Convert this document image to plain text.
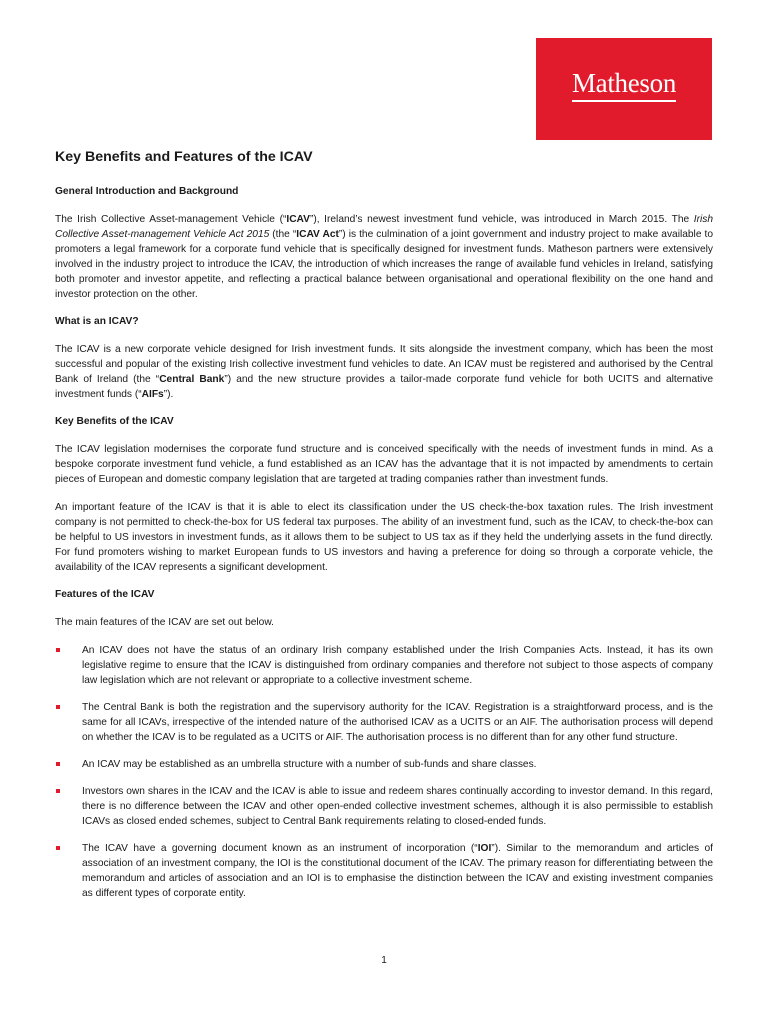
Matheson
Key Benefits and Features of the ICAV
General Introduction and Background

The Irish Collective Asset-management Vehicle (“ICAV”), Ireland’s newest investment fund vehicle, was introduced in March 2015. The Irish Collective Asset-management Vehicle Act 2015 (the “ICAV Act”) is the culmination of a joint government and industry project to make available to promoters a legal framework for a corporate fund vehicle that is specifically designed for investment funds. Matheson partners were extensively involved in the industry project to introduce the ICAV, the introduction of which increases the range of available fund vehicles in Ireland, satisfying both promoter and investor appetite, and reflecting a practical balance between organisational and operational flexibility on the one hand and investor protection on the other.

What is an ICAV?

The ICAV is a new corporate vehicle designed for Irish investment funds. It sits alongside the investment company, which has been the most successful and popular of the existing Irish collective investment fund vehicles to date. An ICAV must be registered and authorised by the Central Bank of Ireland (the “Central Bank”) and the new structure provides a tailor-made corporate fund vehicle for both UCITS and alternative investment funds (“AIFs”).

Key Benefits of the ICAV

The ICAV legislation modernises the corporate fund structure and is conceived specifically with the needs of investment funds in mind. As a bespoke corporate investment fund vehicle, a fund established as an ICAV has the advantage that it is not impacted by amendments to certain pieces of European and domestic company legislation that are targeted at trading companies rather than investment funds.

An important feature of the ICAV is that it is able to elect its classification under the US check-the-box taxation rules. The Irish investment company is not permitted to check-the-box for US federal tax purposes. The ability of an investment fund, such as the ICAV, to check-the-box can be helpful to US investors in investment funds, as it allows them to be subject to US tax as if they held the underlying assets in the fund directly. For fund promoters wishing to market European funds to US investors and having a preference for doing so through a corporate vehicle, the availability of the ICAV represents a significant development.

Features of the ICAV

The main features of the ICAV are set out below.

An ICAV does not have the status of an ordinary Irish company established under the Irish Companies Acts. Instead, it has its own legislative regime to ensure that the ICAV is distinguished from ordinary companies and therefore not subject to those aspects of company law legislation which are not relevant or appropriate to a collective investment scheme.
The Central Bank is both the registration and the supervisory authority for the ICAV. Registration is a straightforward process, and is the same for all ICAVs, irrespective of the intended nature of the authorised ICAV as a UCITS or an AIF. The authorisation process will depend on whether the ICAV is to be regulated as a UCITS or AIF. The authorisation process is no different than for any other fund structure.
An ICAV may be established as an umbrella structure with a number of sub-funds and share classes.
Investors own shares in the ICAV and the ICAV is able to issue and redeem shares continually according to investor demand. In this regard, there is no difference between the ICAV and other open-ended collective investment schemes, although it is also permissible to establish ICAVs as closed ended schemes, subject to Central Bank requirements relating to closed-ended funds.
The ICAV have a governing document known as an instrument of incorporation (“IOI”). Similar to the memorandum and articles of association of an investment company, the IOI is the constitutional document of the ICAV. The primary reason for differentiating between the memorandum and articles of association and an IOI is to emphasise the distinction between the ICAV and existing investment companies as different types of corporate entity.
1
